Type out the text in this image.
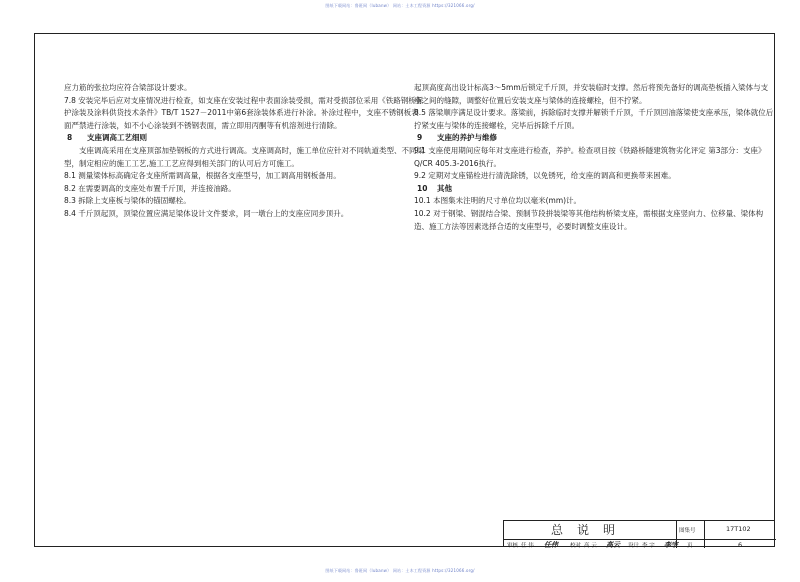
图纸下载网站：鲁班网（lubanw） 网站：土木工程资源 https://321066.org/

应力筋的张拉均应符合梁部设计要求。

7.8 安装完毕后应对支座情况进行检查，如支座在安装过程中表面涂装受损，需对受损部位采用《铁路钢桥保护涂装及涂料供货技术条件》TB/T 1527－2011中第6套涂装体系进行补涂。补涂过程中，支座不锈钢板表面严禁进行涂装，如不小心涂装到不锈钢表面，需立即用丙酮等有机溶剂进行清除。

8 支座调高工艺细则

支座调高采用在支座顶部加垫钢板的方式进行调高。支座调高时，施工单位应针对不同轨道类型、不同梁型，制定相应的施工工艺,施工工艺应得到相关部门的认可后方可施工。

8.1 测量梁体标高确定各支座所需调高量，根据各支座型号，加工调高用钢板备用。

8.2 在需要调高的支座处布置千斤顶，并连接油路。

8.3 拆除上支座板与梁体的锚固螺栓。

8.4 千斤顶起顶，顶梁位置应满足梁体设计文件要求，同一墩台上的支座应同步顶升。

起顶高度高出设计标高3～5mm后锁定千斤顶，并安装临时支撑。然后将预先备好的调高垫板插入梁体与支座之间的缝隙，调整好位置后安装支座与梁体的连接螺栓，但不拧紧。

8.5 落梁顺序满足设计要求。落梁前，拆除临时支撑并解锁千斤顶，千斤顶回油落梁使支座承压，梁体就位后拧紧支座与梁体的连接螺栓，完毕后拆除千斤顶。

9 支座的养护与维修

9.1 支座使用期间应每年对支座进行检查，养护。检查项目按《铁路桥隧建筑物劣化评定 第3部分：支座》 Q/CR 405.3-2016执行。

9.2 定期对支座锚栓进行清洗除锈，以免锈死，给支座的调高和更换带来困难。

10 其他

10.1 本图集未注明的尺寸单位均以毫米(mm)计。

10.2 对于钢梁、钢混结合梁、预制节段拼装梁等其他结构桥梁支座，需根据支座竖向力、位移量、梁体构造、施工方法等因素选择合适的支座型号，必要时调整支座设计。

总说明	图集号	17T102
审核 任 伟 任伟 校对 高 云 高云 设计 李 宇 李宇 页	6
图纸下载网站：鲁班网（lubanw） 网站：土木工程资源 https://321066.org/
